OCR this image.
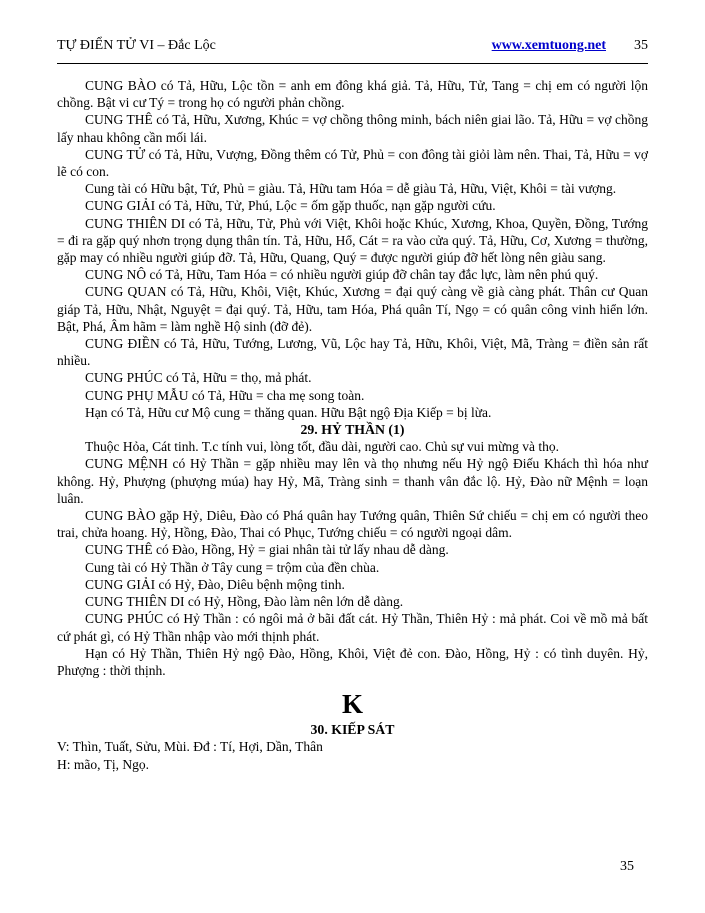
TỰ ĐIỂN TỬ VI – Đắc Lộc	www.xemtuong.net 35

CUNG BÀO có Tả, Hữu, Lộc tồn = anh em đông khá giả. Tả, Hữu, Tử, Tang = chị em có người lộn chồng. Bật vi cư Tý = trong họ có người phản chồng.

CUNG THÊ có Tả, Hữu, Xương, Khúc = vợ chồng thông minh, bách niên giai lão. Tả, Hữu = vợ chồng lấy nhau không cần mối lái.

CUNG TỬ có Tả, Hữu, Vượng, Đồng thêm có Tử, Phủ = con đông tài giỏi làm nên. Thai, Tả, Hữu = vợ lẽ có con.

Cung tài có Hữu bật, Tứ, Phủ = giàu. Tả, Hữu tam Hóa = dễ giàu Tả, Hữu, Việt, Khôi = tài vượng.

CUNG GIẢI có Tả, Hữu, Tử, Phú, Lộc = ốm gặp thuốc, nạn gặp người cứu.

CUNG THIÊN DI có Tả, Hữu, Tử, Phủ với Việt, Khôi hoặc Khúc, Xương, Khoa, Quyền, Đồng, Tướng = đi ra gặp quý nhơn trọng dụng thân tín. Tả, Hữu, Hổ, Cát = ra vào cửa quý. Tả, Hữu, Cơ, Xương = thường, gặp may có nhiều người giúp đỡ. Tả, Hữu, Quang, Quý = được người giúp đỡ hết lòng nên giàu sang.

CUNG NÔ có Tả, Hữu, Tam Hóa = có nhiều người giúp đỡ chân tay đắc lực, làm nên phú quý.

CUNG QUAN có Tả, Hữu, Khôi, Việt, Khúc, Xương = đại quý càng về già càng phát. Thân cư Quan giáp Tả, Hữu, Nhật, Nguyệt = đại quý. Tả, Hữu, tam Hóa, Phá quân Tí, Ngọ = có quân công vinh hiển lớn. Bật, Phá, Âm hãm = làm nghề Hộ sinh (đỡ đẻ).

CUNG ĐIỀN có Tả, Hữu, Tướng, Lương, Vũ, Lộc hay Tả, Hữu, Khôi, Việt, Mã, Tràng = điền sản rất nhiều.

CUNG PHÚC có Tả, Hữu = thọ, mả phát.

CUNG PHỤ MẪU có Tả, Hữu = cha mẹ song toàn.

Hạn có Tả, Hữu cư Mộ cung = thăng quan. Hữu Bật ngộ Địa Kiếp = bị lừa.

29. HỶ THẦN (1)

Thuộc Hỏa, Cát tinh. T.c tính vui, lòng tốt, đầu dài, người cao. Chủ sự vui mừng và thọ.

CUNG MỆNH có Hỷ Thần = gặp nhiều may lên và thọ nhưng nếu Hỷ ngộ Điếu Khách thì hóa như không. Hỷ, Phượng (phượng múa) hay Hỷ, Mã, Tràng sinh = thanh vân đắc lộ. Hỷ, Đào nữ Mệnh = loạn luân.

CUNG BÀO gặp Hỷ, Diêu, Đào có Phá quân hay Tướng quân, Thiên Sứ chiếu = chị em có người theo trai, chửa hoang. Hỷ, Hồng, Đào, Thai có Phục, Tướng chiếu = có người ngoại dâm.

CUNG THÊ có Đào, Hồng, Hỷ = giai nhân tài tử lấy nhau dễ dàng.

Cung tài có Hỷ Thần ở Tây cung = trộm của đền chùa.

CUNG GIẢI có Hỷ, Đào, Diêu bệnh mộng tinh.

CUNG THIÊN DI có Hỷ, Hồng, Đào làm nên lớn dễ dàng.

CUNG PHÚC có Hỷ Thần : có ngôi mả ở bãi đất cát. Hỷ Thần, Thiên Hỷ : mả phát. Coi về mồ mả bất cứ phát gì, có Hỷ Thần nhập vào mới thịnh phát.

Hạn có Hỷ Thần, Thiên Hỷ ngộ Đào, Hồng, Khôi, Việt đẻ con. Đào, Hồng, Hỷ : có tình duyên. Hỷ, Phượng : thời thịnh.

K
30. KIẾP SÁT

V: Thìn, Tuất, Sửu, Mùi. Đđ : Tí, Hợi, Dần, Thân

H: mão, Tị, Ngọ.

35
